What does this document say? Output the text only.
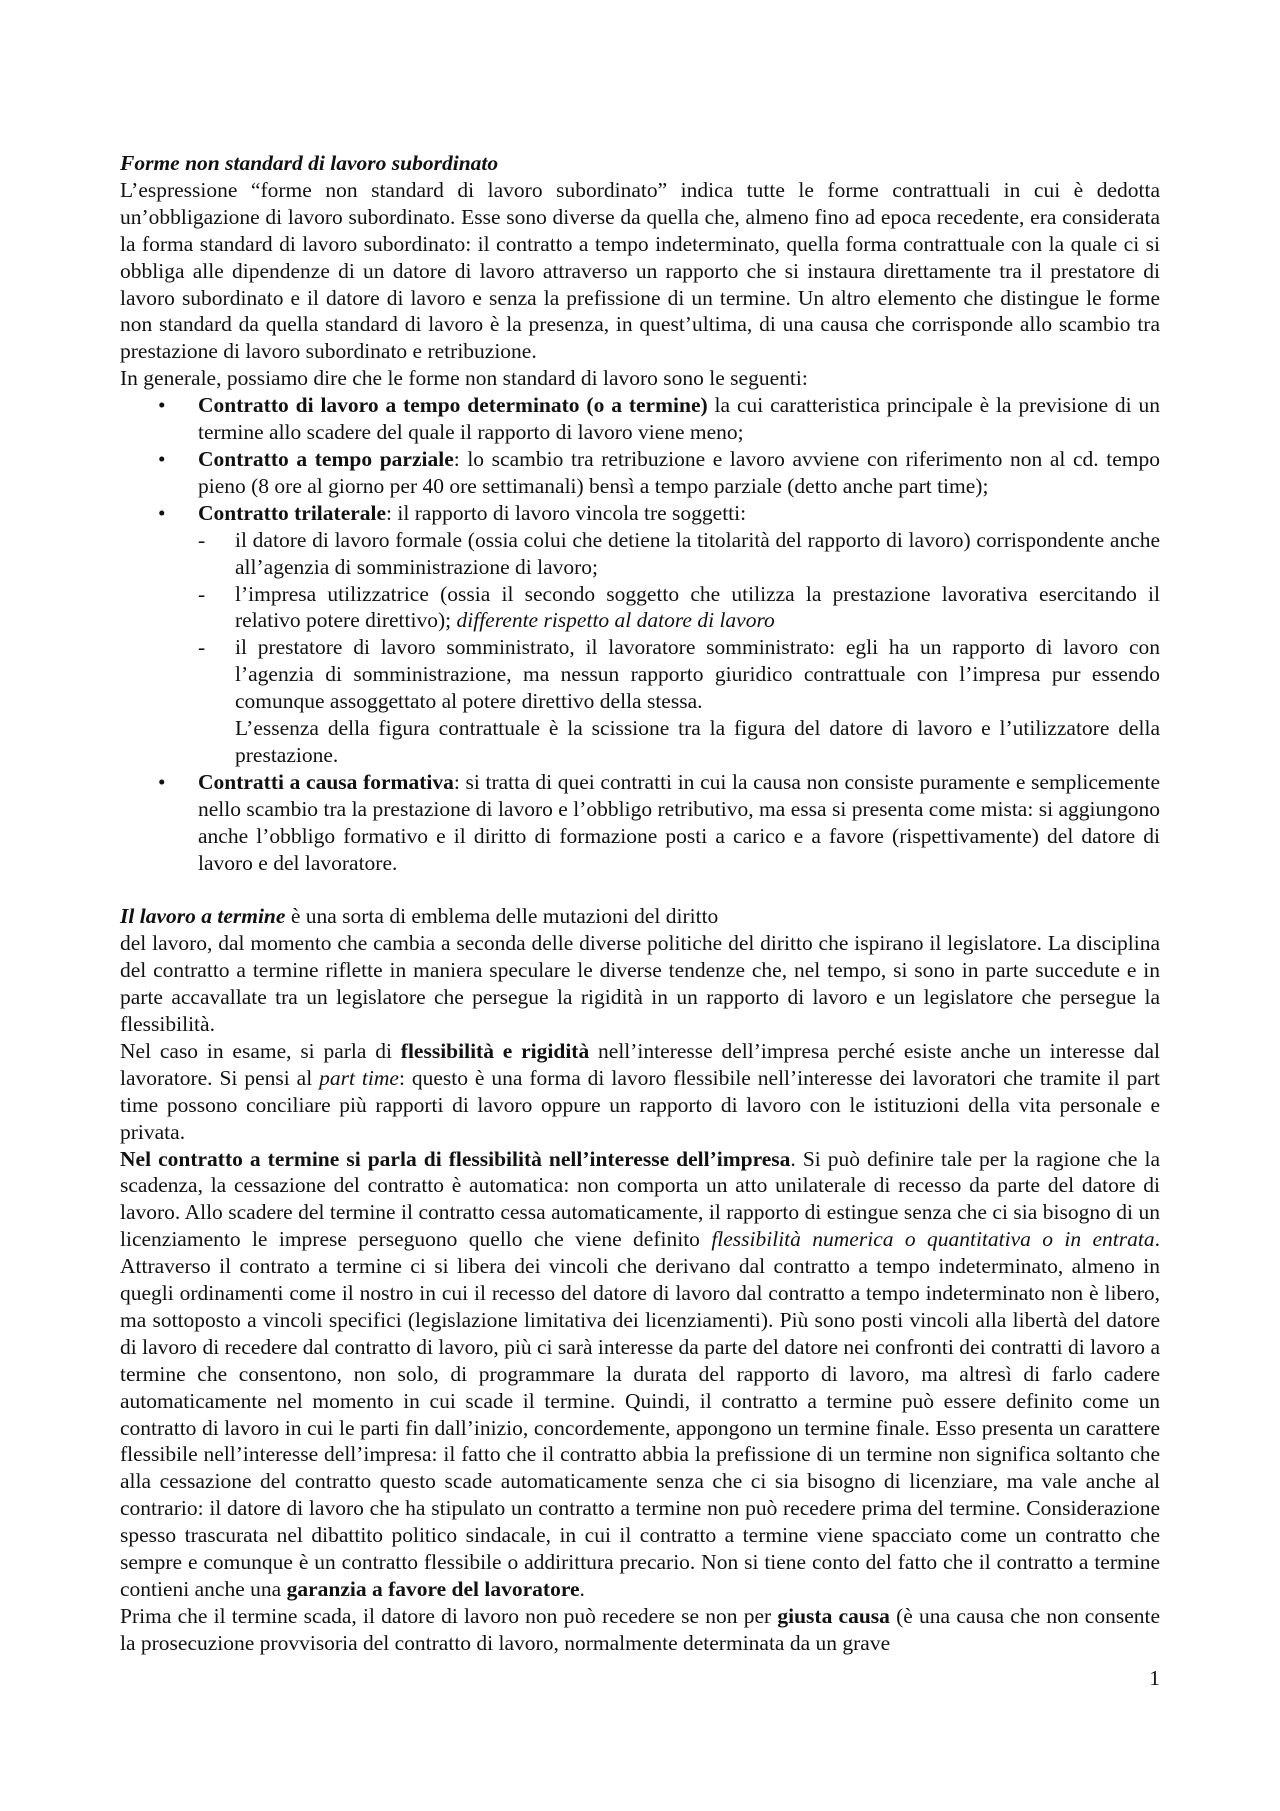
Forme non standard di lavoro subordinato

L’espressione “forme non standard di lavoro subordinato” indica tutte le forme contrattuali in cui è dedotta un’obbligazione di lavoro subordinato. Esse sono diverse da quella che, almeno fino ad epoca recedente, era considerata la forma standard di lavoro subordinato: il contratto a tempo indeterminato, quella forma contrattuale con la quale ci si obbliga alle dipendenze di un datore di lavoro attraverso un rapporto che si instaura direttamente tra il prestatore di lavoro subordinato e il datore di lavoro e senza la prefissione di un termine. Un altro elemento che distingue le forme non standard da quella standard di lavoro è la presenza, in quest’ultima, di una causa che corrisponde allo scambio tra prestazione di lavoro subordinato e retribuzione.

In generale, possiamo dire che le forme non standard di lavoro sono le seguenti:

• Contratto di lavoro a tempo determinato (o a termine) la cui caratteristica principale è la previsione di un termine allo scadere del quale il rapporto di lavoro viene meno;
• Contratto a tempo parziale: lo scambio tra retribuzione e lavoro avviene con riferimento non al cd. tempo pieno (8 ore al giorno per 40 ore settimanali) bensì a tempo parziale (detto anche part time);
• Contratto trilaterale: il rapporto di lavoro vincola tre soggetti:
- il datore di lavoro formale (ossia colui che detiene la titolarità del rapporto di lavoro) corrispondente anche all’agenzia di somministrazione di lavoro;
- l’impresa utilizzatrice (ossia il secondo soggetto che utilizza la prestazione lavorativa esercitando il relativo potere direttivo); differente rispetto al datore di lavoro
- il prestatore di lavoro somministrato, il lavoratore somministrato: egli ha un rapporto di lavoro con l’agenzia di somministrazione, ma nessun rapporto giuridico contrattuale con l’impresa pur essendo comunque assoggettato al potere direttivo della stessa.
L’essenza della figura contrattuale è la scissione tra la figura del datore di lavoro e l’utilizzatore della prestazione.
• Contratti a causa formativa: si tratta di quei contratti in cui la causa non consiste puramente e semplicemente nello scambio tra la prestazione di lavoro e l’obbligo retributivo, ma essa si presenta come mista: si aggiungono anche l’obbligo formativo e il diritto di formazione posti a carico e a favore (rispettivamente) del datore di lavoro e del lavoratore.

Il lavoro a termine è una sorta di emblema delle mutazioni del diritto

del lavoro, dal momento che cambia a seconda delle diverse politiche del diritto che ispirano il legislatore. La disciplina del contratto a termine riflette in maniera speculare le diverse tendenze che, nel tempo, si sono in parte succedute e in parte accavallate tra un legislatore che persegue la rigidità in un rapporto di lavoro e un legislatore che persegue la flessibilità.

Nel caso in esame, si parla di flessibilità e rigidità nell’interesse dell’impresa perché esiste anche un interesse dal lavoratore. Si pensi al part time: questo è una forma di lavoro flessibile nell’interesse dei lavoratori che tramite il part time possono conciliare più rapporti di lavoro oppure un rapporto di lavoro con le istituzioni della vita personale e privata.

Nel contratto a termine si parla di flessibilità nell’interesse dell’impresa. Si può definire tale per la ragione che la scadenza, la cessazione del contratto è automatica: non comporta un atto unilaterale di recesso da parte del datore di lavoro. Allo scadere del termine il contratto cessa automaticamente, il rapporto di estingue senza che ci sia bisogno di un licenziamento le imprese perseguono quello che viene definito flessibilità numerica o quantitativa o in entrata. Attraverso il contrato a termine ci si libera dei vincoli che derivano dal contratto a tempo indeterminato, almeno in quegli ordinamenti come il nostro in cui il recesso del datore di lavoro dal contratto a tempo indeterminato non è libero, ma sottoposto a vincoli specifici (legislazione limitativa dei licenziamenti). Più sono posti vincoli alla libertà del datore di lavoro di recedere dal contratto di lavoro, più ci sarà interesse da parte del datore nei confronti dei contratti di lavoro a termine che consentono, non solo, di programmare la durata del rapporto di lavoro, ma altresì di farlo cadere automaticamente nel momento in cui scade il termine. Quindi, il contratto a termine può essere definito come un contratto di lavoro in cui le parti fin dall’inizio, concordemente, appongono un termine finale. Esso presenta un carattere flessibile nell’interesse dell’impresa: il fatto che il contratto abbia la prefissione di un termine non significa soltanto che alla cessazione del contratto questo scade automaticamente senza che ci sia bisogno di licenziare, ma vale anche al contrario: il datore di lavoro che ha stipulato un contratto a termine non può recedere prima del termine. Considerazione spesso trascurata nel dibattito politico sindacale, in cui il contratto a termine viene spacciato come un contratto che sempre e comunque è un contratto flessibile o addirittura precario. Non si tiene conto del fatto che il contratto a termine contieni anche una garanzia a favore del lavoratore.

Prima che il termine scada, il datore di lavoro non può recedere se non per giusta causa (è una causa che non consente la prosecuzione provvisoria del contratto di lavoro, normalmente determinata da un grave

1
